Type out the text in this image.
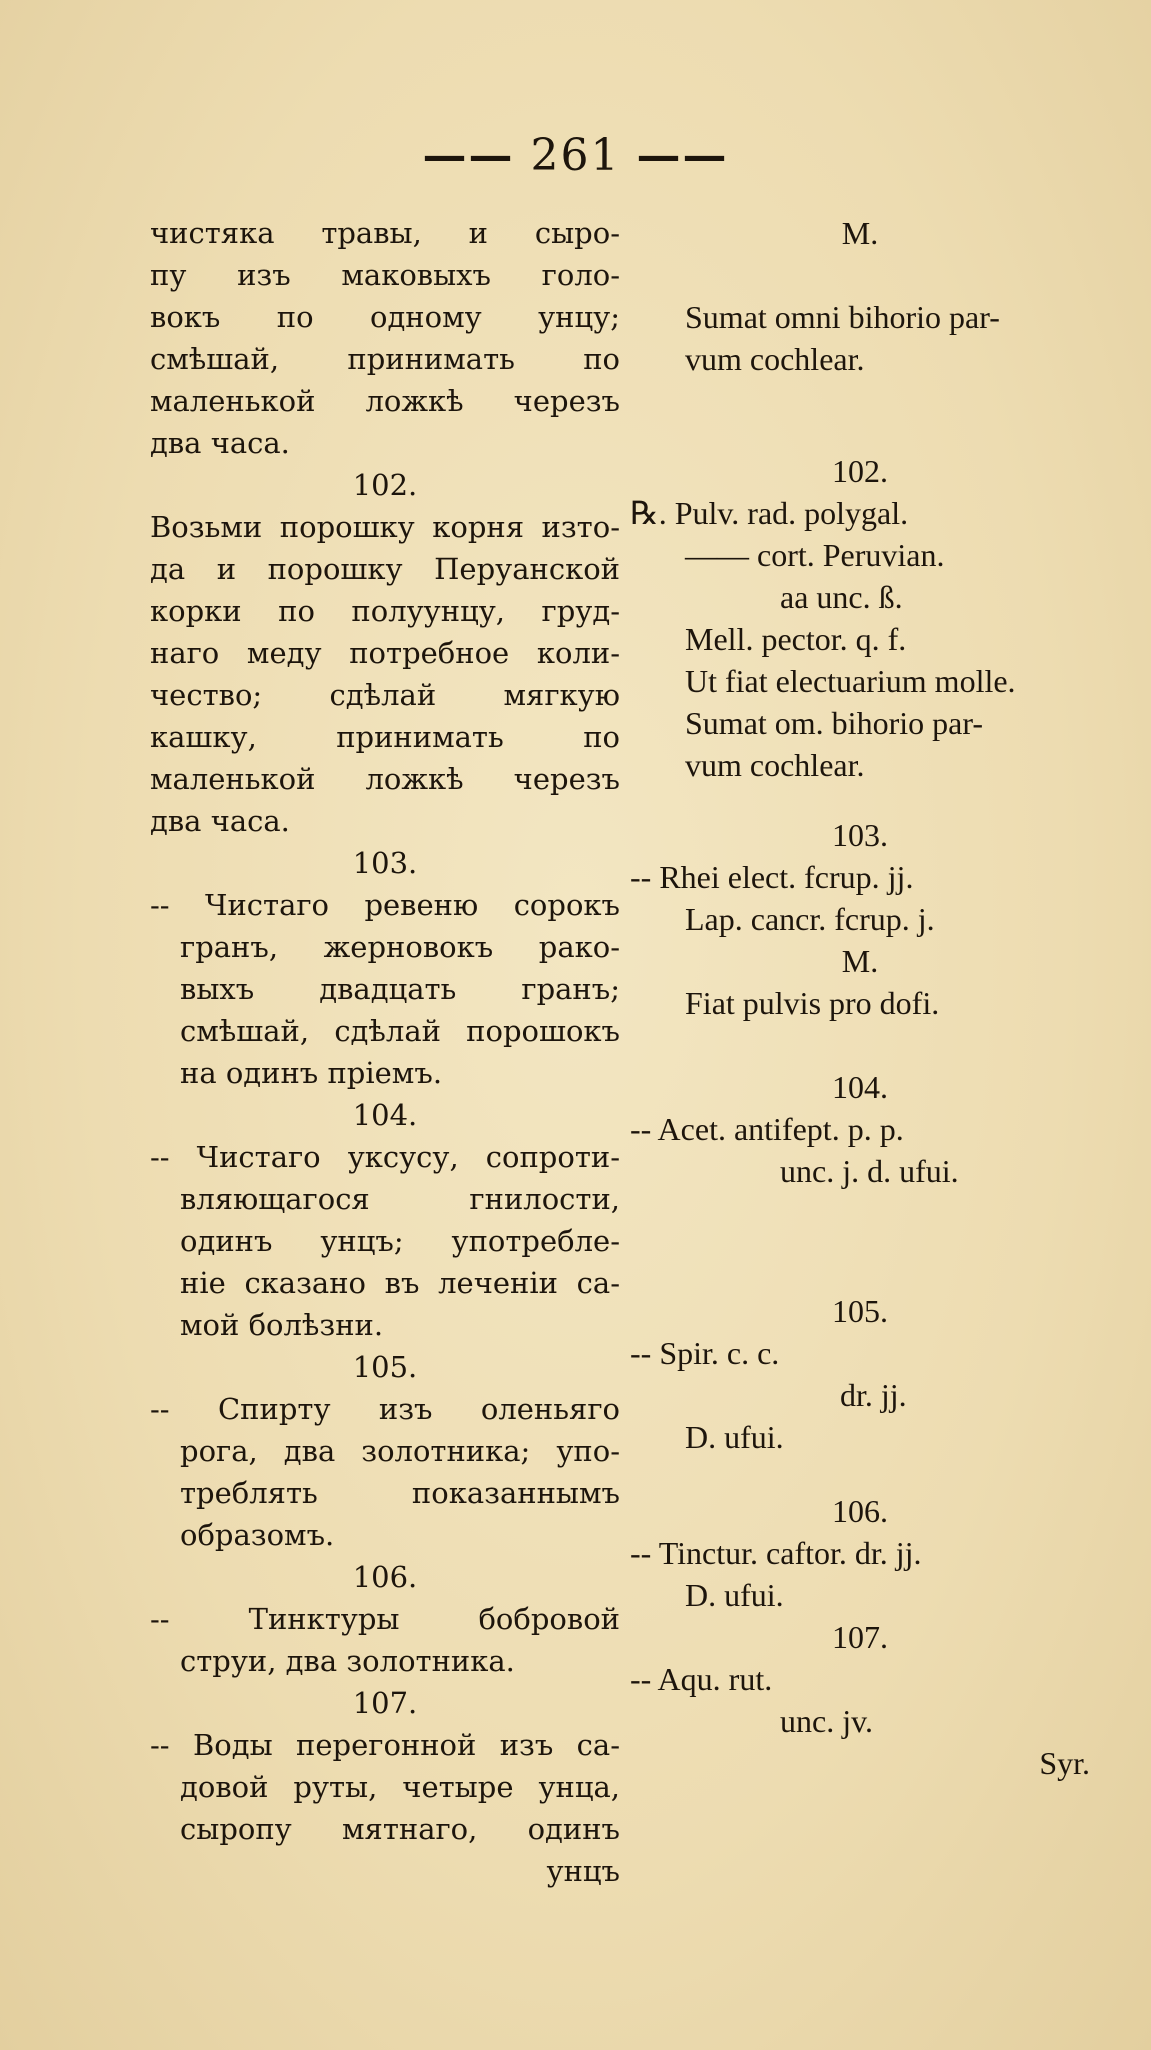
—— 261 ——
чистяка травы, и сыро-
пу изъ маковыхъ голо-
вокъ по одному унцу;
смѣшай, принимать по
маленькой ложкѣ черезъ
два часа.
102.
Возьми порошку корня изто-
да и порошку Перуанской
корки по полуунцу, груд-
наго меду потребное коли-
чество; сдѣлай мягкую
кашку, принимать по
маленькой ложкѣ черезъ
два часа.
103.
-- Чистаго ревеню сорокъ
гранъ, жерновокъ рако-
выхъ двадцать гранъ;
смѣшай, сдѣлай порошокъ
на одинъ прiемъ.
104.
-- Чистаго уксусу, сопроти-
вляющагося гнилости,
одинъ унцъ; употребле-
нiе сказано въ леченiи са-
мой болѣзни.
105.
-- Спирту изъ оленьяго
рога, два золотника; упо-
треблять показаннымъ
образомъ.
106.
-- Тинктуры бобровой
струи, два золотника.
107.
-- Воды перегонной изъ са-
довой руты, четыре унца,
сыропу мятнаго, одинъ
унцъ
M.
Sumat omni bihorio par-
vum cochlear.
102.
℞. Pulv. rad. polygal.
—— cort. Peruvian.
aa unc. ß.
Mell. pector. q. f.
Ut fiat electuarium molle.
Sumat om. bihorio par-
vum cochlear.
103.
-- Rhei elect. fcrup. jj.
Lap. cancr. fcrup. j.
M.
Fiat pulvis pro dofi.
104.
-- Acet. antifept. p. p.
unc. j. d. ufui.
105.
-- Spir. c. c.
dr. jj.
D. ufui.
106.
-- Tinctur. caftor. dr. jj.
D. ufui.
107.
-- Aqu. rut.
unc. jv.
Syr.
